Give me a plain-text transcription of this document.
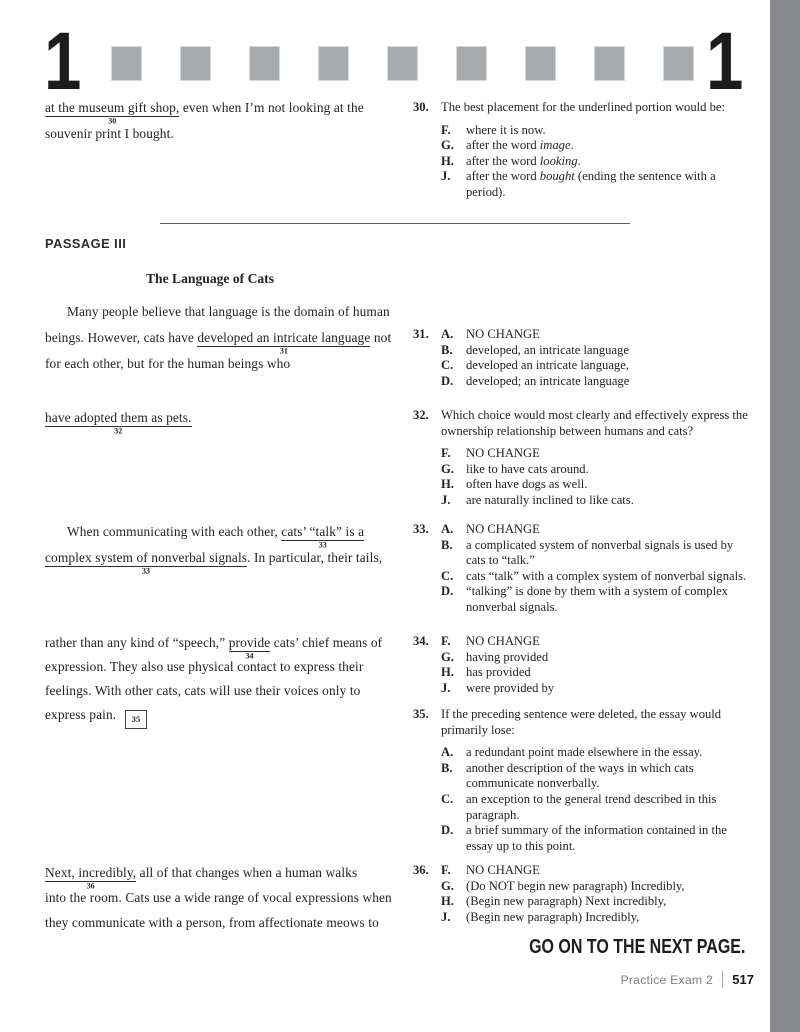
1	1
PASSAGE III
The Language of Cats
at the museum gift shop,
30
even when I’m not looking at the
souvenir print I bought.
Many people believe that language is the domain of human
beings. However, cats have developed an intricate language
31
not
for each other, but for the human beings who
have adopted them as pets.
32
When communicating with each other, cats’ “talk” is a
33
complex system of nonverbal signals
33
. In particular, their tails,
rather than any kind of “speech,” provide
34
cats’ chief means of
expression. They also use physical contact to express their
feelings. With other cats, cats will use their voices only to
express pain. 35
Next, incredibly,
36
all of that changes when a human walks
into the room. Cats use a wide range of vocal expressions when
they communicate with a person, from affectionate meows to
30. The best placement for the underlined portion would be:
F.	where it is now.
G. after the word image.
H. after the word looking.
J.	after the word bought (ending the sentence with a period).
31. A.	NO CHANGE
B.	developed, an intricate language
C.	developed an intricate language,
D.	developed; an intricate language
32. Which choice would most clearly and effectively express the ownership relationship between humans and cats?
F.	NO CHANGE
G. like to have cats around.
H. often have dogs as well.
J.	are naturally inclined to like cats.
33. A.	NO CHANGE
B.	a complicated system of nonverbal signals is used by cats to “talk.”
C.	cats “talk” with a complex system of nonverbal signals.
D.	“talking” is done by them with a system of complex nonverbal signals.
34. F.	NO CHANGE
G. having provided
H. has provided
J.	were provided by
35. If the preceding sentence were deleted, the essay would primarily lose:
A.	a redundant point made elsewhere in the essay.
B.	another description of the ways in which cats communicate nonverbally.
C.	an exception to the general trend described in this paragraph.
D.	a brief summary of the information contained in the essay up to this point.
36. F.	NO CHANGE
G. (Do NOT begin new paragraph) Incredibly,
H. (Begin new paragraph) Next incredibly,
J.	(Begin new paragraph) Incredibly,
GO ON TO THE NEXT PAGE.
Practice Exam 2 517
